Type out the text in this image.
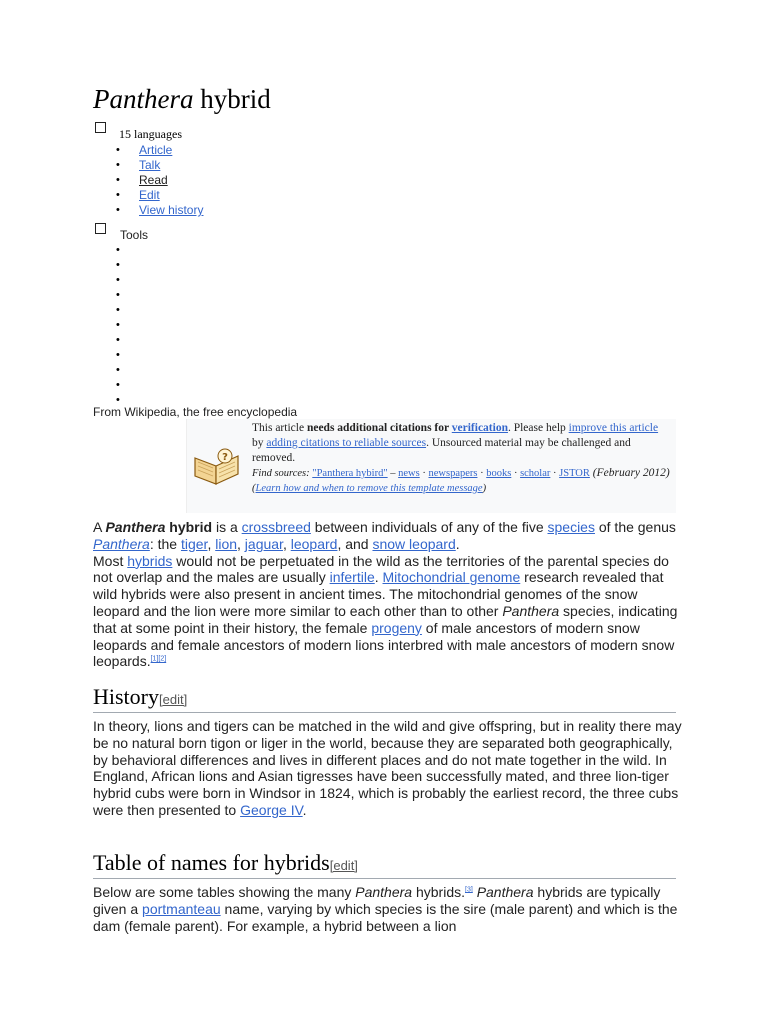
Panthera hybrid
15 languages
• Article
• Talk
• Read
• Edit
• View history
Tools
•
•
•
•
•
•
•
•
•
•
•
From Wikipedia, the free encyclopedia
?

This article needs additional citations for verification. Please help improve this article by adding citations to reliable sources. Unsourced material may be challenged and removed.
Find sources: "Panthera hybird" – news · newspapers · books · scholar · JSTOR (February 2012) (Learn how and when to remove this template message)

A Panthera hybrid is a crossbreed between individuals of any of the five species of the genus Panthera: the tiger, lion, jaguar, leopard, and snow leopard.
Most hybrids would not be perpetuated in the wild as the territories of the parental species do not overlap and the males are usually infertile. Mitochondrial genome research revealed that wild hybrids were also present in ancient times. The mitochondrial genomes of the snow leopard and the lion were more similar to each other than to other Panthera species, indicating that at some point in their history, the female progeny of male ancestors of modern snow leopards and female ancestors of modern lions interbred with male ancestors of modern snow leopards.[1][2]

History[edit]

In theory, lions and tigers can be matched in the wild and give offspring, but in reality there may be no natural born tigon or liger in the world, because they are separated both geographically, by behavioral differences and lives in different places and do not mate together in the wild. In England, African lions and Asian tigresses have been successfully mated, and three lion-tiger hybrid cubs were born in Windsor in 1824, which is probably the earliest record, the three cubs were then presented to George IV.

Table of names for hybrids[edit]

Below are some tables showing the many Panthera hybrids.[3] Panthera hybrids are typically given a portmanteau name, varying by which species is the sire (male parent) and which is the dam (female parent). For example, a hybrid between a lion
